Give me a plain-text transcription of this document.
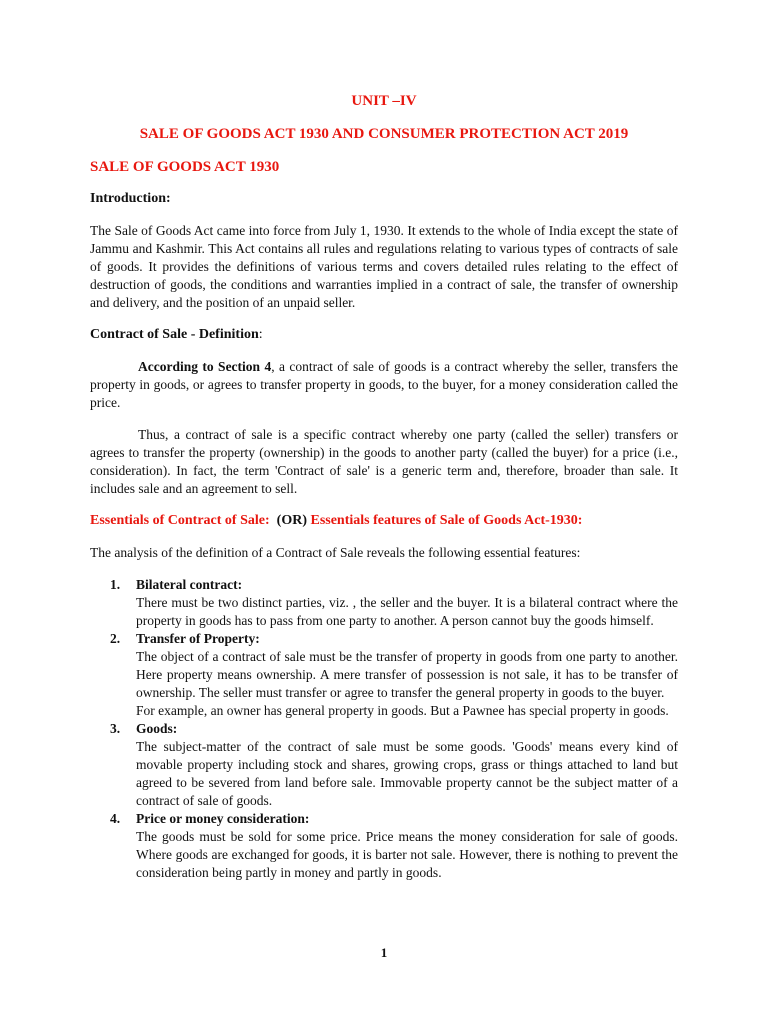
UNIT –IV
SALE OF GOODS ACT 1930 AND CONSUMER PROTECTION ACT 2019
SALE OF GOODS ACT 1930
Introduction:

The Sale of Goods Act came into force from July 1, 1930. It extends to the whole of India except the state of Jammu and Kashmir. This Act contains all rules and regulations relating to various types of contracts of sale of goods. It provides the definitions of various terms and covers detailed rules relating to the effect of destruction of goods, the conditions and warranties implied in a contract of sale, the transfer of ownership and delivery, and the position of an unpaid seller.

Contract of Sale - Definition:

According to Section 4, a contract of sale of goods is a contract whereby the seller, transfers the property in goods, or agrees to transfer property in goods, to the buyer, for a money consideration called the price.

Thus, a contract of sale is a specific contract whereby one party (called the seller) transfers or agrees to transfer the property (ownership) in the goods to another party (called the buyer) for a price (i.e., consideration). In fact, the term 'Contract of sale' is a generic term and, therefore, broader than sale. It includes sale and an agreement to sell.

Essentials of Contract of Sale: (OR) Essentials features of Sale of Goods Act-1930:

The analysis of the definition of a Contract of Sale reveals the following essential features:

1. Bilateral contract:
There must be two distinct parties, viz. , the seller and the buyer. It is a bilateral contract where the property in goods has to pass from one party to another. A person cannot buy the goods himself.
2. Transfer of Property:
The object of a contract of sale must be the transfer of property in goods from one party to another. Here property means ownership. A mere transfer of possession is not sale, it has to be transfer of ownership. The seller must transfer or agree to transfer the general property in goods to the buyer.
For example, an owner has general property in goods. But a Pawnee has special property in goods.
3. Goods:
The subject-matter of the contract of sale must be some goods. 'Goods' means every kind of movable property including stock and shares, growing crops, grass or things attached to land but agreed to be severed from land before sale. Immovable property cannot be the subject matter of a contract of sale of goods.
4. Price or money consideration:
The goods must be sold for some price. Price means the money consideration for sale of goods. Where goods are exchanged for goods, it is barter not sale. However, there is nothing to prevent the consideration being partly in money and partly in goods.
1
